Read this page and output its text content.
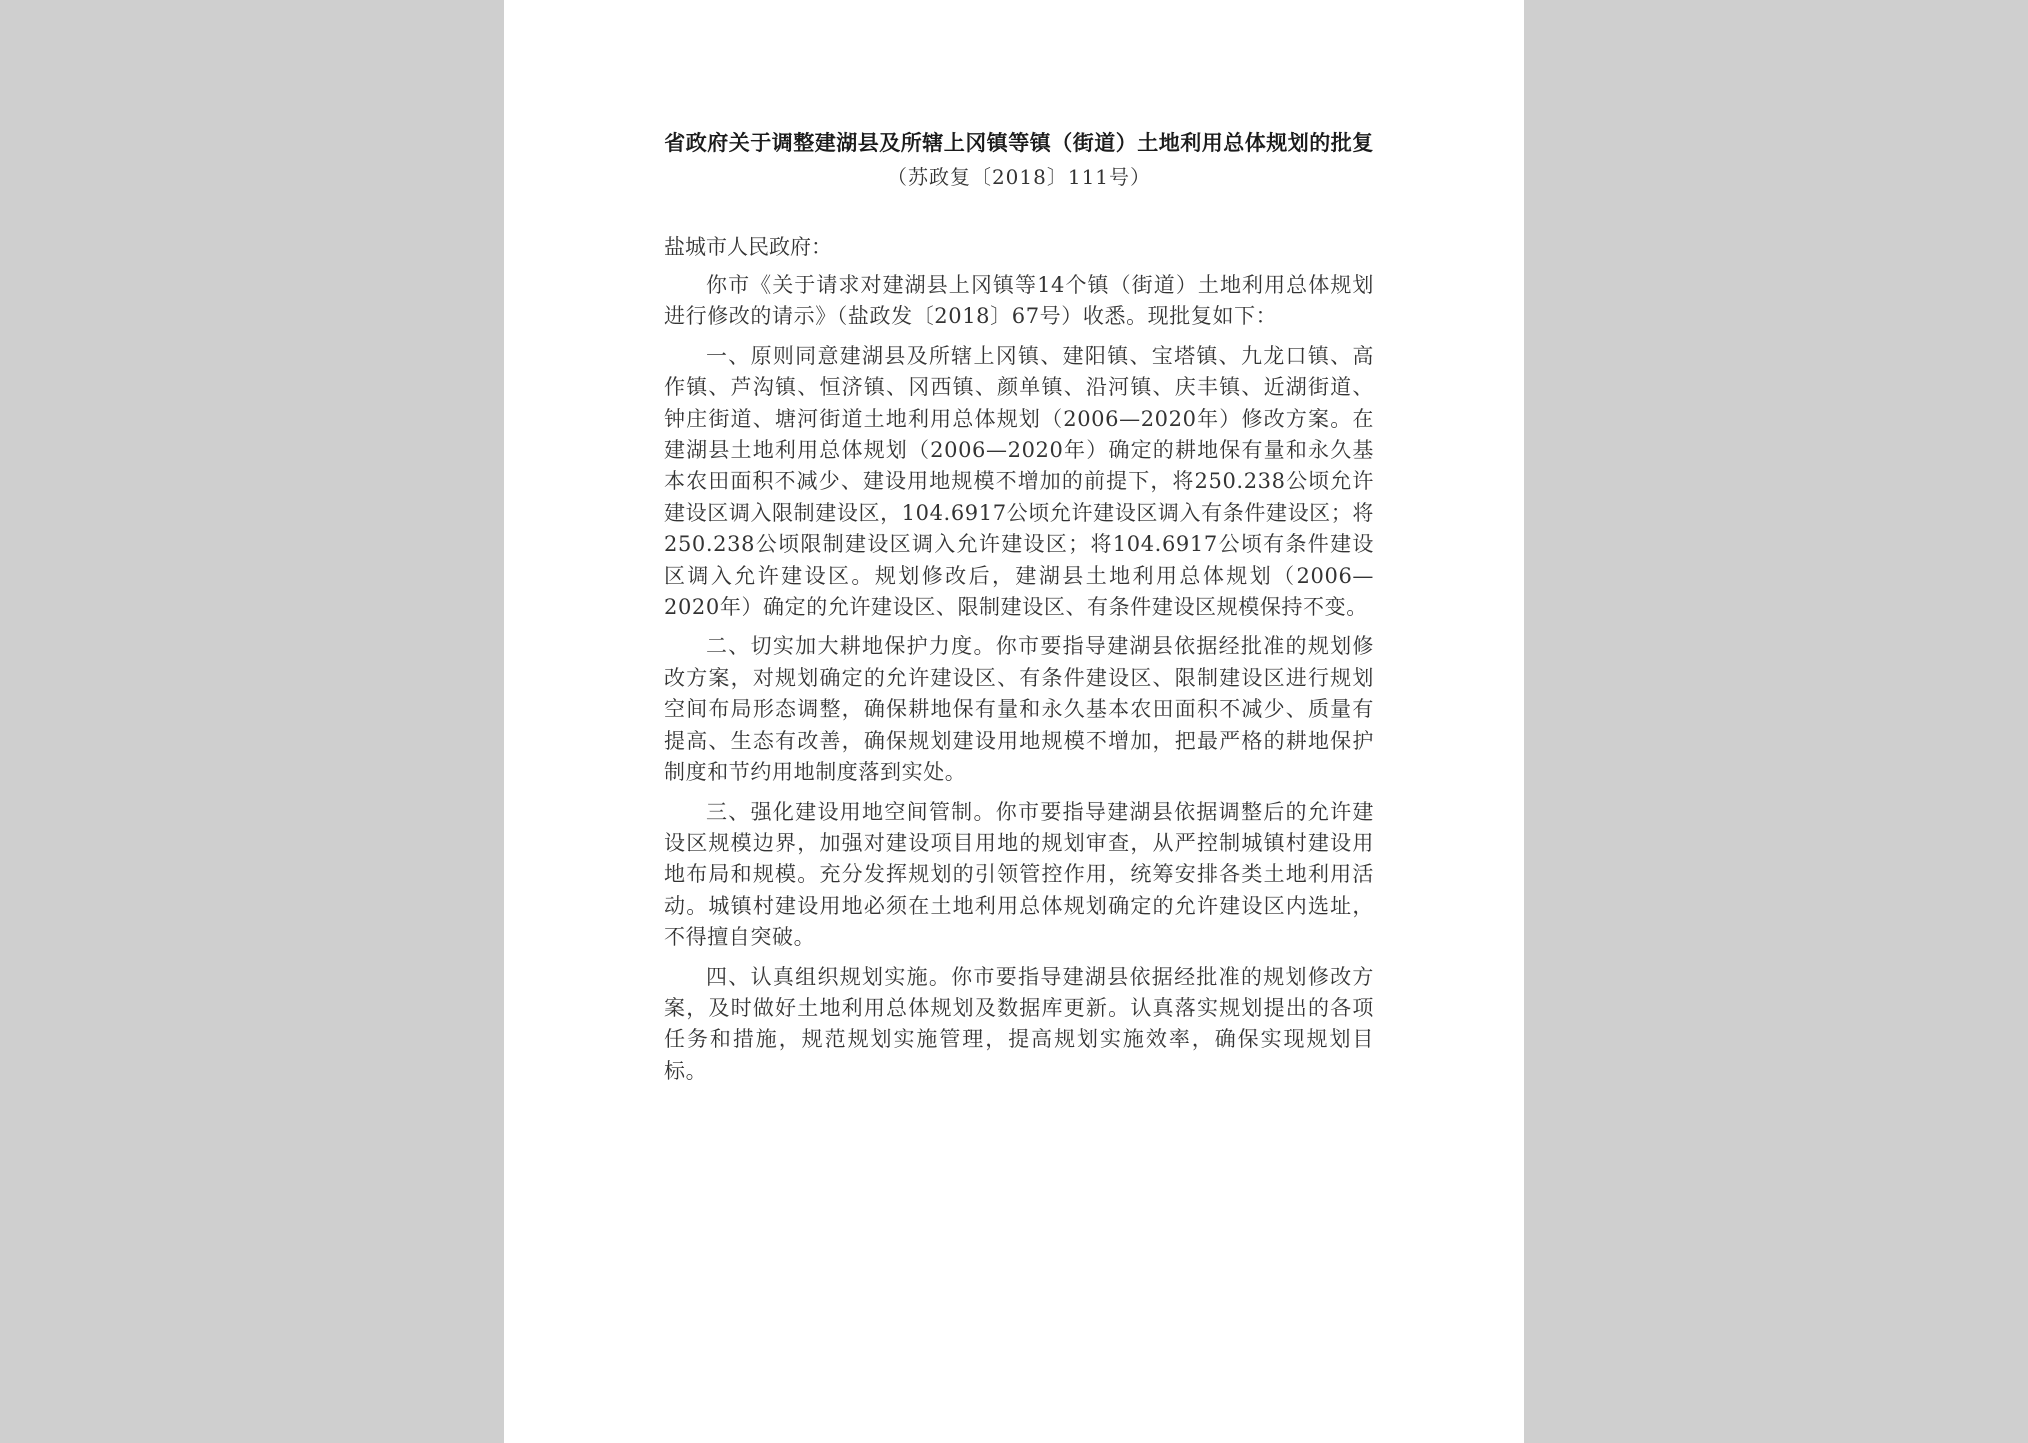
省政府关于调整建湖县及所辖上冈镇等镇（街道）土地利用总体规划的批复
（苏政复〔2018〕111号）
盐城市人民政府：

你市《关于请求对建湖县上冈镇等14个镇（街道）土地利用总体规划进行修改的请示》（盐政发〔2018〕67号）收悉。现批复如下：

一、原则同意建湖县及所辖上冈镇、建阳镇、宝塔镇、九龙口镇、高作镇、芦沟镇、恒济镇、冈西镇、颜单镇、沿河镇、庆丰镇、近湖街道、钟庄街道、塘河街道土地利用总体规划（2006—2020年）修改方案。在建湖县土地利用总体规划（2006—2020年）确定的耕地保有量和永久基本农田面积不减少、建设用地规模不增加的前提下，将250.238公顷允许建设区调入限制建设区，104.6917公顷允许建设区调入有条件建设区；将250.238公顷限制建设区调入允许建设区；将104.6917公顷有条件建设区调入允许建设区。规划修改后，建湖县土地利用总体规划（2006—2020年）确定的允许建设区、限制建设区、有条件建设区规模保持不变。

二、切实加大耕地保护力度。你市要指导建湖县依据经批准的规划修改方案，对规划确定的允许建设区、有条件建设区、限制建设区进行规划空间布局形态调整，确保耕地保有量和永久基本农田面积不减少、质量有提高、生态有改善，确保规划建设用地规模不增加，把最严格的耕地保护制度和节约用地制度落到实处。

三、强化建设用地空间管制。你市要指导建湖县依据调整后的允许建设区规模边界，加强对建设项目用地的规划审查，从严控制城镇村建设用地布局和规模。充分发挥规划的引领管控作用，统筹安排各类土地利用活动。城镇村建设用地必须在土地利用总体规划确定的允许建设区内选址，不得擅自突破。

四、认真组织规划实施。你市要指导建湖县依据经批准的规划修改方案，及时做好土地利用总体规划及数据库更新。认真落实规划提出的各项任务和措施，规范规划实施管理，提高规划实施效率，确保实现规划目标。
